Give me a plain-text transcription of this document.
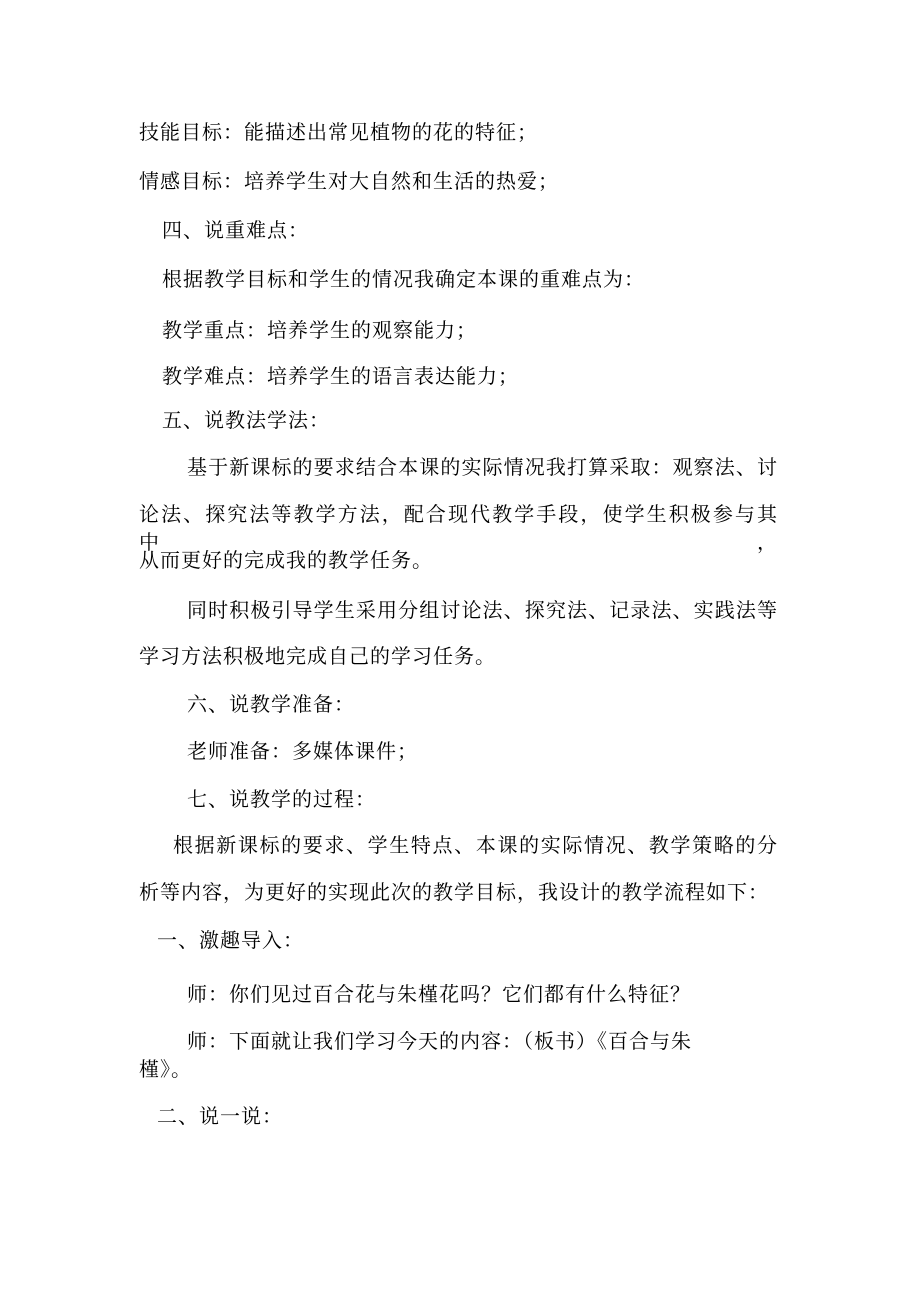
技能目标：能描述出常见植物的花的特征；
情感目标：培养学生对大自然和生活的热爱；
四、说重难点：
根据教学目标和学生的情况我确定本课的重难点为：
教学重点：培养学生的观察能力；
教学难点：培养学生的语言表达能力；
五、说教法学法：
基于新课标的要求结合本课的实际情况我打算采取：观察法、讨
论法、探究法等教学方法，配合现代教学手段，使学生积极参与其中，
从而更好的完成我的教学任务。
同时积极引导学生采用分组讨论法、探究法、记录法、实践法等
学习方法积极地完成自己的学习任务。
六、说教学准备：
老师准备：多媒体课件；
七、说教学的过程：
根据新课标的要求、学生特点、本课的实际情况、教学策略的分
析等内容，为更好的实现此次的教学目标，我设计的教学流程如下：
一、激趣导入：
师：你们见过百合花与朱槿花吗？它们都有什么特征？
师：下面就让我们学习今天的内容：（板书）《百合与朱
槿》。
二、说一说：
